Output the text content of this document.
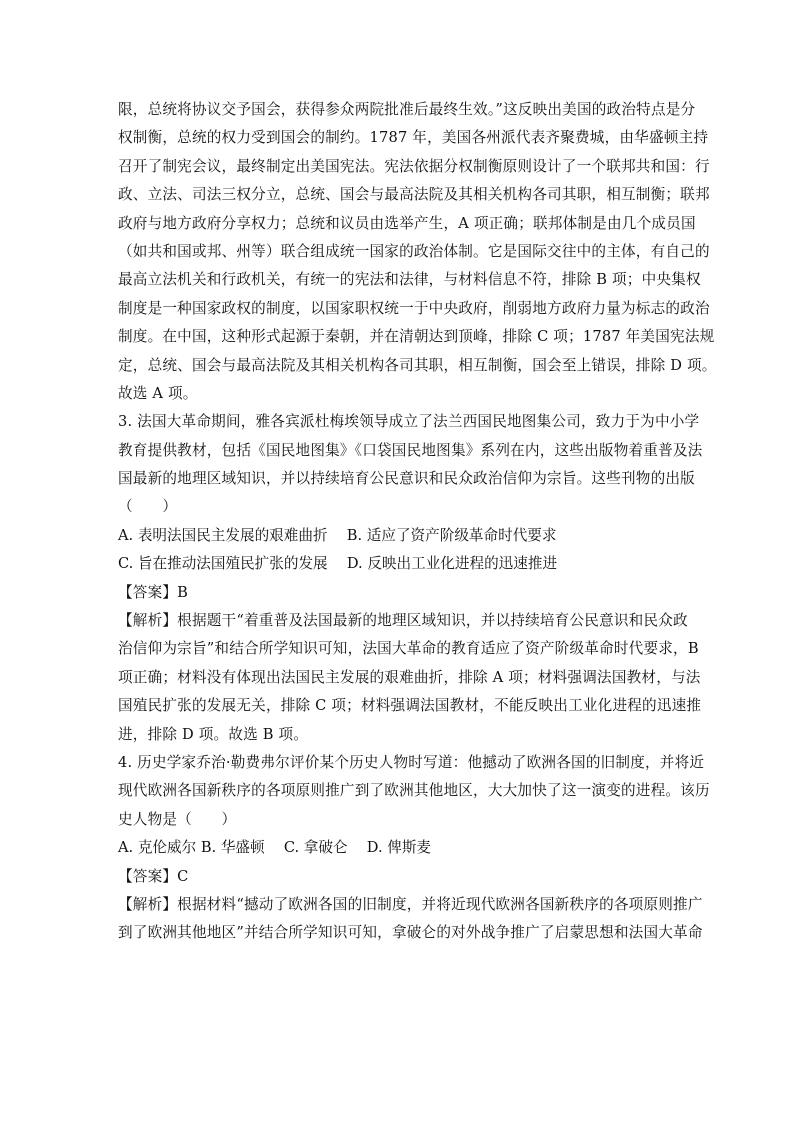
限，总统将协议交予国会，获得参众两院批准后最终生效。”这反映出美国的政治特点是分
权制衡，总统的权力受到国会的制约。1787 年，美国各州派代表齐聚费城，由华盛顿主持
召开了制宪会议，最终制定出美国宪法。宪法依据分权制衡原则设计了一个联邦共和国：行
政、立法、司法三权分立，总统、国会与最高法院及其相关机构各司其职，相互制衡；联邦
政府与地方政府分享权力；总统和议员由选举产生，A 项正确；联邦体制是由几个成员国
（如共和国或邦、州等）联合组成统一国家的政治体制。它是国际交往中的主体，有自己的
最高立法机关和行政机关，有统一的宪法和法律，与材料信息不符，排除 B 项；中央集权
制度是一种国家政权的制度，以国家职权统一于中央政府，削弱地方政府力量为标志的政治
制度。在中国，这种形式起源于秦朝，并在清朝达到顶峰，排除 C 项；1787 年美国宪法规
定，总统、国会与最高法院及其相关机构各司其职，相互制衡，国会至上错误，排除 D 项。
故选 A 项。
3. 法国大革命期间，雅各宾派杜梅埃领导成立了法兰西国民地图集公司，致力于为中小学
教育提供教材，包括《国民地图集》《口袋国民地图集》系列在内，这些出版物着重普及法
国最新的地理区域知识，并以持续培育公民意识和民众政治信仰为宗旨。这些刊物的出版
（　　）
A. 表明法国民主发展的艰难曲折　 B. 适应了资产阶级革命时代要求
C. 旨在推动法国殖民扩张的发展　 D. 反映出工业化进程的迅速推进
【答案】B
【解析】根据题干“着重普及法国最新的地理区域知识，并以持续培育公民意识和民众政
治信仰为宗旨”和结合所学知识可知，法国大革命的教育适应了资产阶级革命时代要求，B
项正确；材料没有体现出法国民主发展的艰难曲折，排除 A 项；材料强调法国教材，与法
国殖民扩张的发展无关，排除 C 项；材料强调法国教材，不能反映出工业化进程的迅速推
进，排除 D 项。故选 B 项。
4. 历史学家乔治·勒费弗尔评价某个历史人物时写道：他撼动了欧洲各国的旧制度，并将近
现代欧洲各国新秩序的各项原则推广到了欧洲其他地区，大大加快了这一演变的进程。该历
史人物是（　　）
A. 克伦威尔 B. 华盛顿　 C. 拿破仑　 D. 俾斯麦
【答案】C
【解析】根据材料“撼动了欧洲各国的旧制度，并将近现代欧洲各国新秩序的各项原则推广
到了欧洲其他地区”并结合所学知识可知，拿破仑的对外战争推广了启蒙思想和法国大革命
